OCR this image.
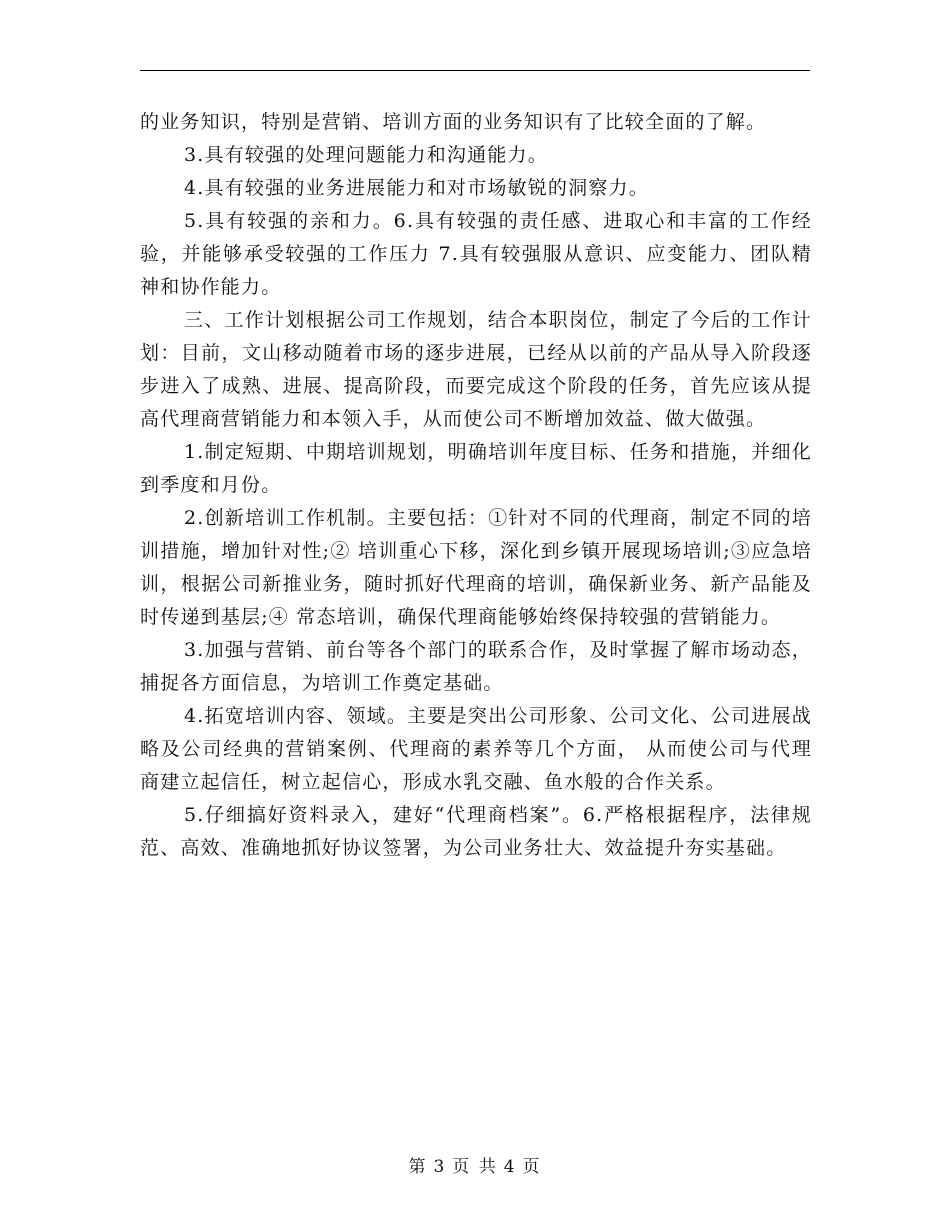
的业务知识，特别是营销、培训方面的业务知识有了比较全面的了解。

3.具有较强的处理问题能力和沟通能力。

4.具有较强的业务进展能力和对市场敏锐的洞察力。

5.具有较强的亲和力。6.具有较强的责任感、进取心和丰富的工作经验，并能够承受较强的工作压力 7.具有较强服从意识、应变能力、团队精神和协作能力。

三、工作计划根据公司工作规划，结合本职岗位，制定了今后的工作计划：目前，文山移动随着市场的逐步进展，已经从以前的产品从导入阶段逐步进入了成熟、进展、提高阶段，而要完成这个阶段的任务，首先应该从提高代理商营销能力和本领入手，从而使公司不断增加效益、做大做强。

1.制定短期、中期培训规划，明确培训年度目标、任务和措施，并细化到季度和月份。

2.创新培训工作机制。主要包括：①针对不同的代理商，制定不同的培训措施，增加针对性;② 培训重心下移，深化到乡镇开展现场培训;③应急培训，根据公司新推业务，随时抓好代理商的培训，确保新业务、新产品能及时传递到基层;④ 常态培训，确保代理商能够始终保持较强的营销能力。

3.加强与营销、前台等各个部门的联系合作，及时掌握了解市场动态，捕捉各方面信息，为培训工作奠定基础。

4.拓宽培训内容、领域。主要是突出公司形象、公司文化、公司进展战略及公司经典的营销案例、代理商的素养等几个方面， 从而使公司与代理商建立起信任，树立起信心，形成水乳交融、鱼水般的合作关系。

5.仔细搞好资料录入，建好“代理商档案”。6.严格根据程序，法律规范、高效、准确地抓好协议签署，为公司业务壮大、效益提升夯实基础。

第 3 页 共 4 页
